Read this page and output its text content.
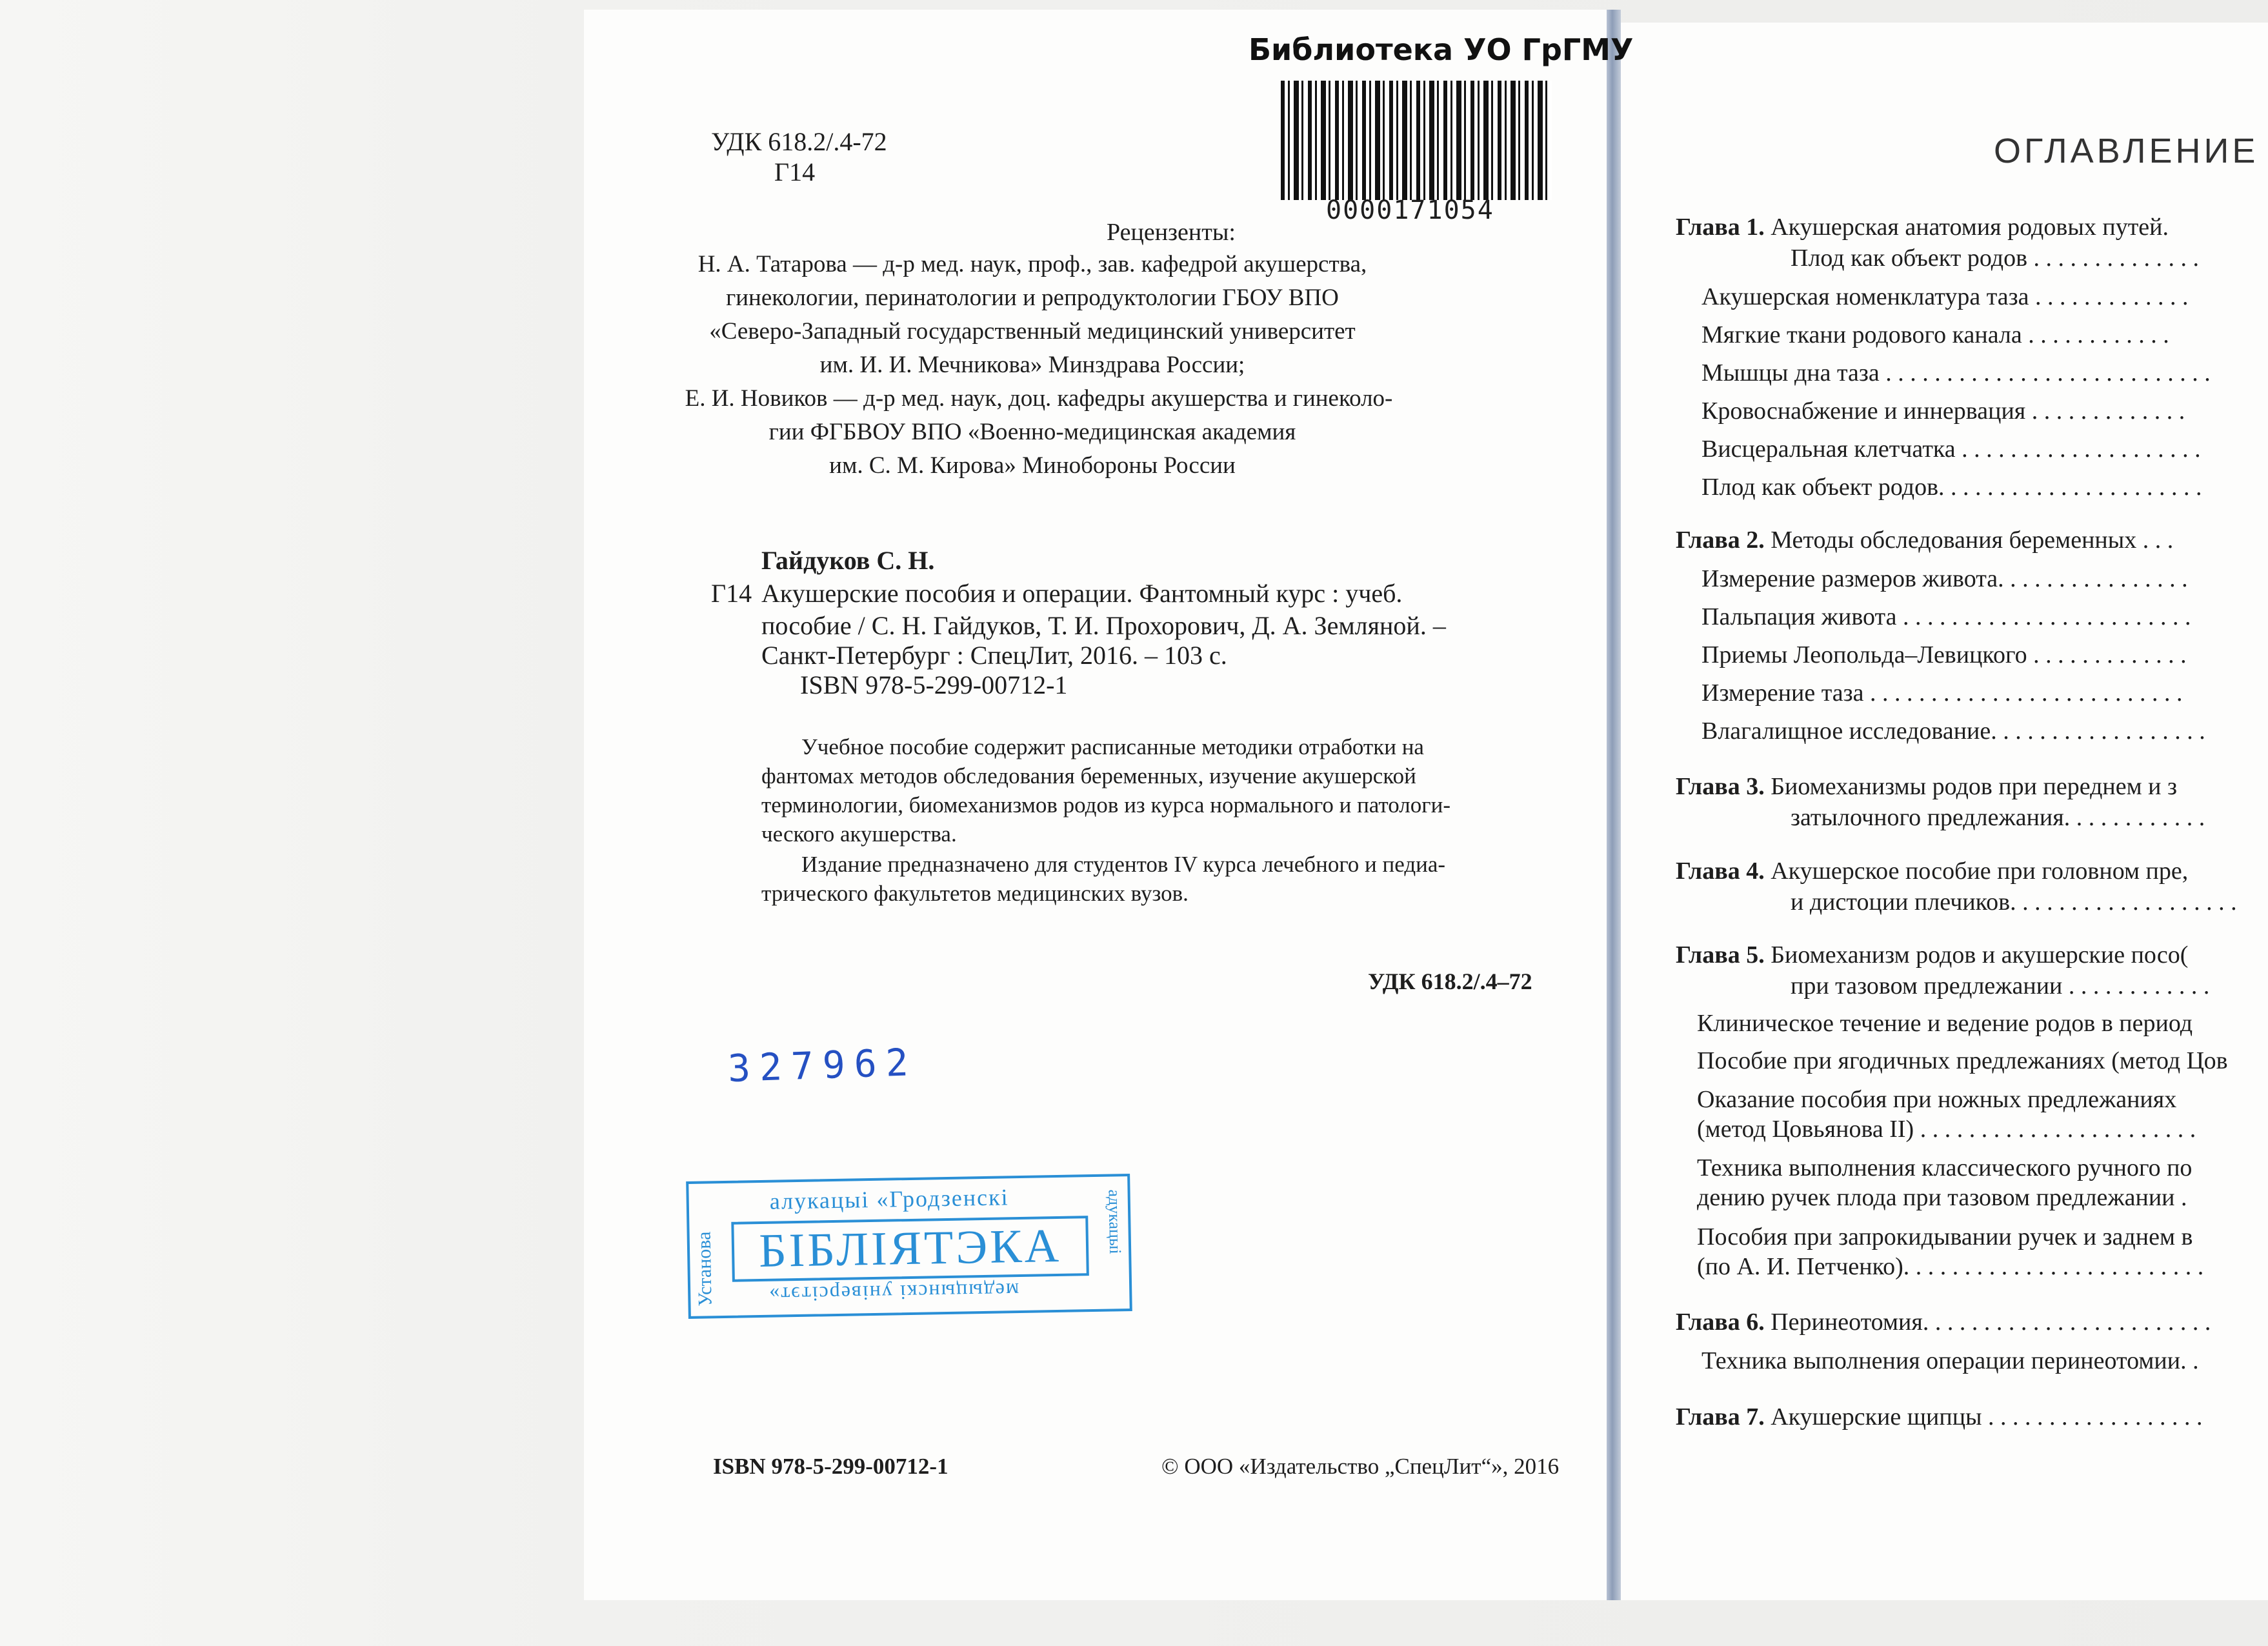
Библиотека УО ГрГМУ
0000171054
УДК 618.2/.4-72
Г14
Рецензенты:
Н. А. Татарова — д-р мед. наук, проф., зав. кафедрой акушерства,
гинекологии, перинатологии и репродуктологии ГБОУ ВПО
«Северо-Западный государственный медицинский университет
им. И. И. Мечникова» Минздрава России;
Е. И. Новиков — д-р мед. наук, доц. кафедры акушерства и гинеколо-
гии ФГБВОУ ВПО «Военно-медицинская академия
им. С. М. Кирова» Минобороны России
Гайдуков С. Н.
Г14 Акушерские пособия и операции. Фантомный курс : учеб.
пособие / С. Н. Гайдуков, Т. И. Прохорович, Д. А. Земляной. –
Санкт-Петербург : СпецЛит, 2016. – 103 с.
ISBN 978-5-299-00712-1
Учебное пособие содержит расписанные методики отработки на
фантомах методов обследования беременных, изучение акушерской
терминологии, биомеханизмов родов из курса нормального и патологи-
ческого акушерства.
Издание предназначено для студентов IV курса лечебного и педиа-
трического факультетов медицинских вузов.
УДК 618.2/.4–72
327962
Установа
алукацыі «Гродзенскі
БІБЛІЯТЭКА
медыцынскі універсітэт»
адукацыі
ISBN 978-5-299-00712-1	© ООО «Издательство „СпецЛит“», 2016
ОГЛАВЛЕНИЕ
Глава 1. Акушерская анатомия родовых путей.
Плод как объект родов . . . . . . . . . . . . . .
Акушерская номенклатура таза . . . . . . . . . . . . .
Мягкие ткани родового канала . . . . . . . . . . . .
Мышцы дна таза . . . . . . . . . . . . . . . . . . . . . . . . . . .
Кровоснабжение и иннервация . . . . . . . . . . . . .
Висцеральная клетчатка . . . . . . . . . . . . . . . . . . . .
Плод как объект родов. . . . . . . . . . . . . . . . . . . . . .
Глава 2. Методы обследования беременных . . .
Измерение размеров живота. . . . . . . . . . . . . . . .
Пальпация живота . . . . . . . . . . . . . . . . . . . . . . . .
Приемы Леопольда–Левицкого . . . . . . . . . . . . .
Измерение таза . . . . . . . . . . . . . . . . . . . . . . . . . .
Влагалищное исследование. . . . . . . . . . . . . . . . . .
Глава 3. Биомеханизмы родов при переднем и з
затылочного предлежания. . . . . . . . . . . .
Глава 4. Акушерское пособие при головном пре,
и дистоции плечиков. . . . . . . . . . . . . . . . . . .
Глава 5. Биомеханизм родов и акушерские посо(
при тазовом предлежании . . . . . . . . . . . .
Клиническое течение и ведение родов в период
Пособие при ягодичных предлежаниях (метод Цов
Оказание пособия при ножных предлежаниях
(метод Цовьянова II) . . . . . . . . . . . . . . . . . . . . . . .
Техника выполнения классического ручного по
дению ручек плода при тазовом предлежании .
Пособия при запрокидывании ручек и заднем в
(по А. И. Петченко). . . . . . . . . . . . . . . . . . . . . . . . .
Глава 6. Перинеотомия. . . . . . . . . . . . . . . . . . . . . . . .
Техника выполнения операции перинеотомии. .
Глава 7. Акушерские щипцы . . . . . . . . . . . . . . . . . .
